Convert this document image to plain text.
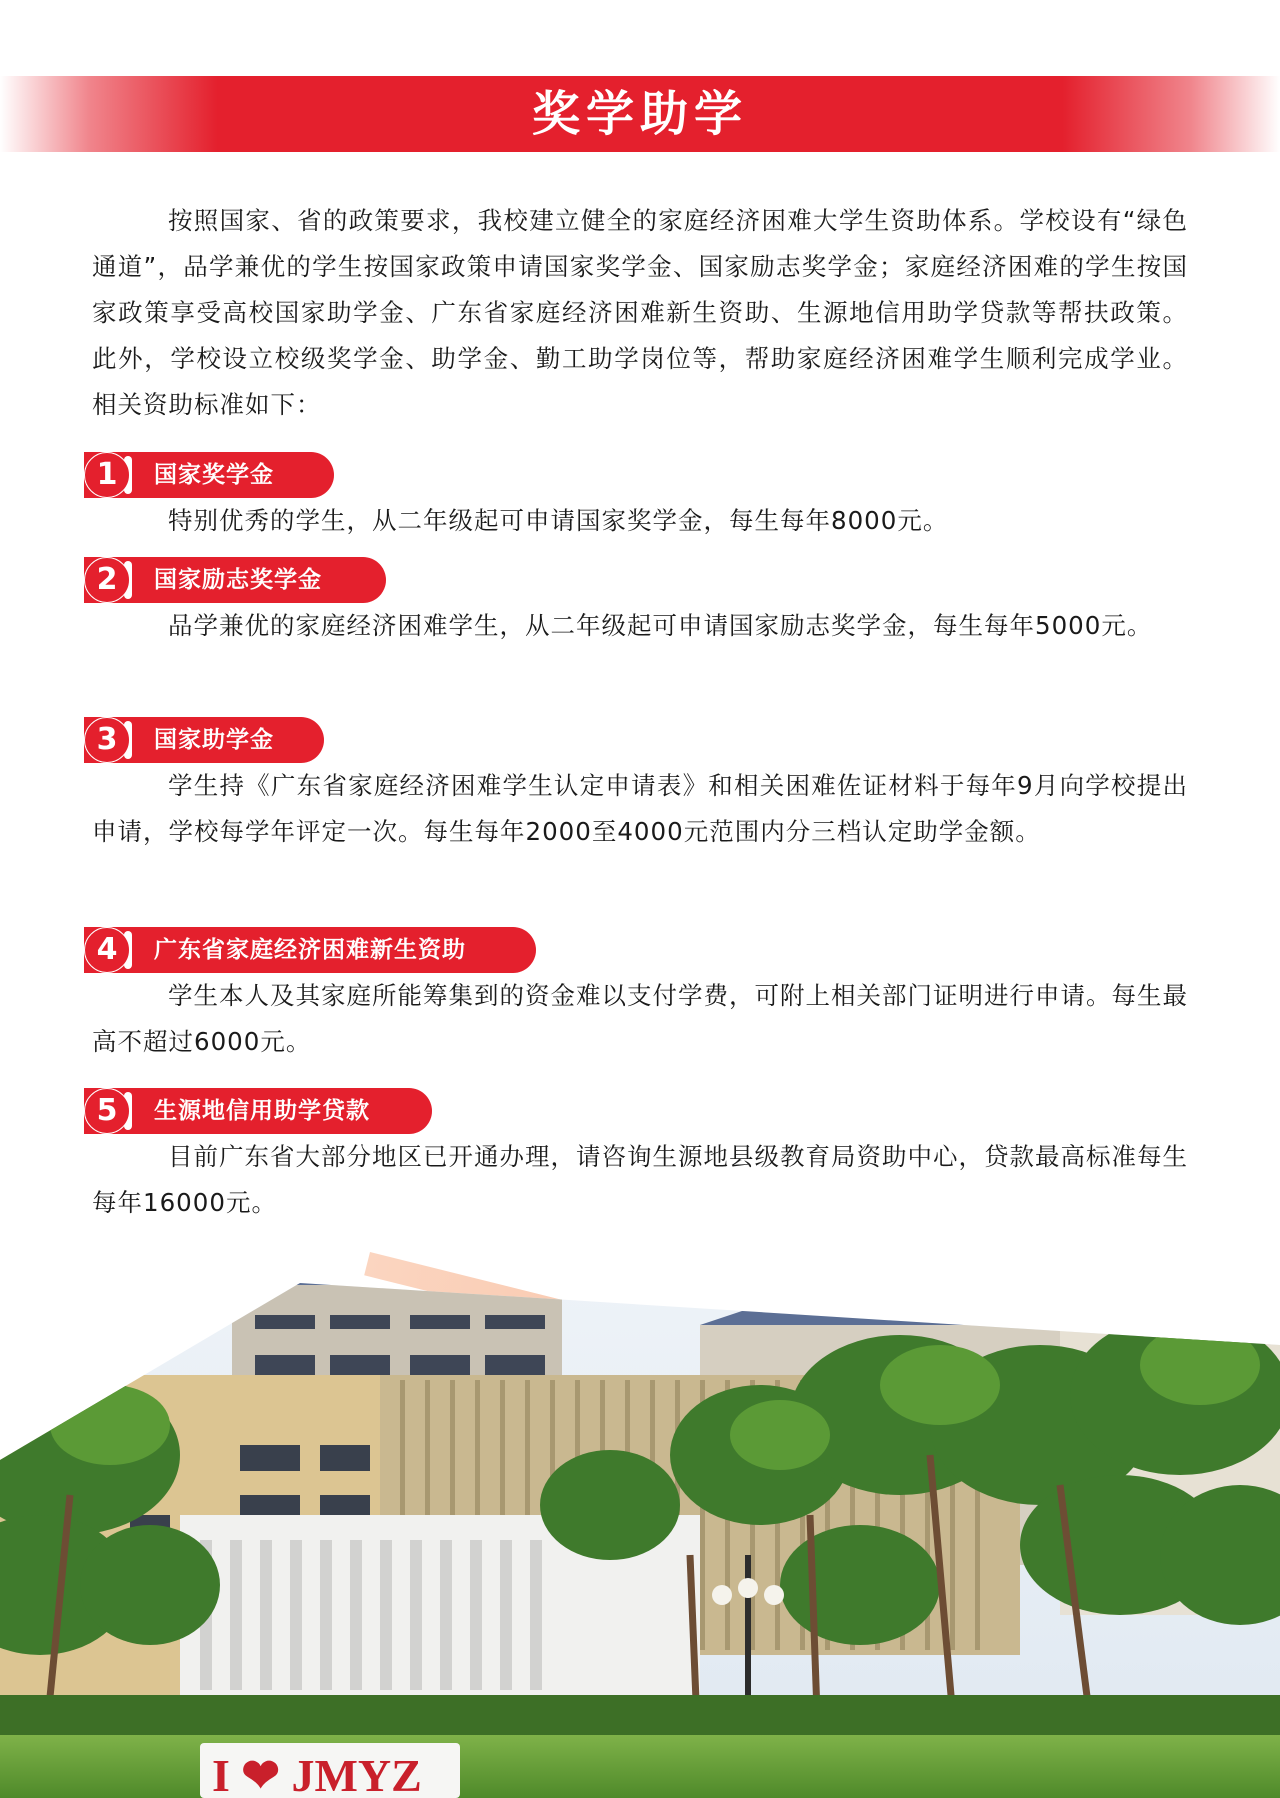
奖学助学

按照国家、省的政策要求，我校建立健全的家庭经济困难大学生资助体系。学校设有“绿色通道”，品学兼优的学生按国家政策申请国家奖学金、国家励志奖学金；家庭经济困难的学生按国家政策享受高校国家助学金、广东省家庭经济困难新生资助、生源地信用助学贷款等帮扶政策。此外，学校设立校级奖学金、助学金、勤工助学岗位等，帮助家庭经济困难学生顺利完成学业。相关资助标准如下：

1	国家奖学金

特别优秀的学生，从二年级起可申请国家奖学金，每生每年8000元。

2	国家励志奖学金

品学兼优的家庭经济困难学生，从二年级起可申请国家励志奖学金，每生每年5000元。

3	国家助学金

学生持《广东省家庭经济困难学生认定申请表》和相关困难佐证材料于每年9月向学校提出申请，学校每学年评定一次。每生每年2000至4000元范围内分三档认定助学金额。

4	广东省家庭经济困难新生资助

学生本人及其家庭所能筹集到的资金难以支付学费，可附上相关部门证明进行申请。每生最高不超过6000元。

5	生源地信用助学贷款

目前广东省大部分地区已开通办理，请咨询生源地县级教育局资助中心，贷款最高标准每生每年16000元。

I ❤ JMYZ
